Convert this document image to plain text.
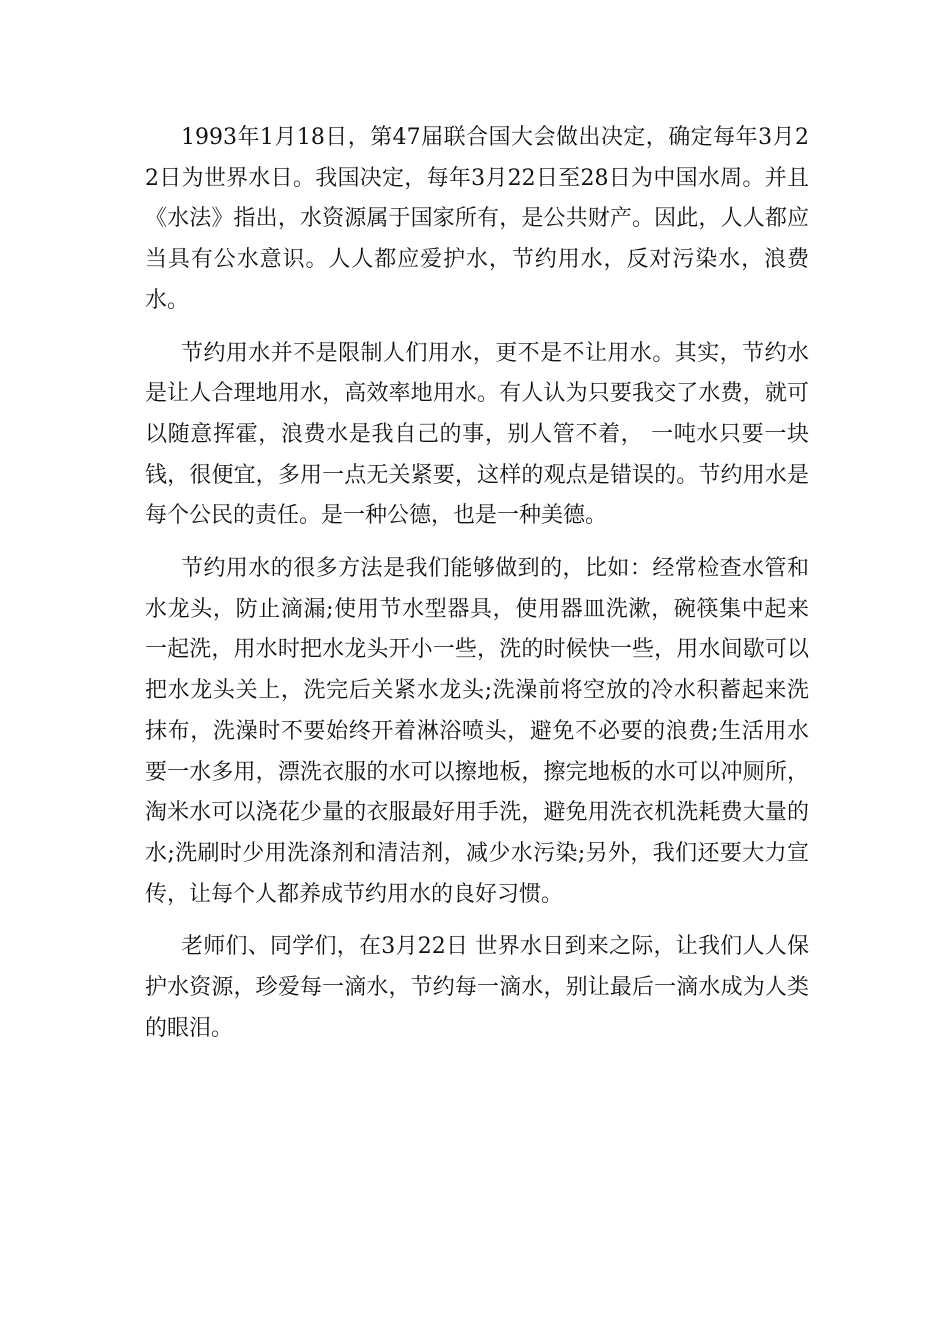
1993年1月18日，第47届联合国大会做出决定，确定每年3月22日为世界水日。我国决定，每年3月22日至28日为中国水周。并且《水法》指出，水资源属于国家所有，是公共财产。因此，人人都应当具有公水意识。人人都应爱护水，节约用水，反对污染水，浪费水。

节约用水并不是限制人们用水，更不是不让用水。其实，节约水是让人合理地用水，高效率地用水。有人认为只要我交了水费，就可以随意挥霍，浪费水是我自己的事，别人管不着， 一吨水只要一块钱，很便宜，多用一点无关紧要，这样的观点是错误的。节约用水是每个公民的责任。是一种公德，也是一种美德。

节约用水的很多方法是我们能够做到的，比如：经常检查水管和水龙头，防止滴漏;使用节水型器具，使用器皿洗漱，碗筷集中起来一起洗，用水时把水龙头开小一些，洗的时候快一些，用水间歇可以把水龙头关上，洗完后关紧水龙头;洗澡前将空放的冷水积蓄起来洗抹布，洗澡时不要始终开着淋浴喷头，避免不必要的浪费;生活用水要一水多用，漂洗衣服的水可以擦地板，擦完地板的水可以冲厕所，淘米水可以浇花少量的衣服最好用手洗，避免用洗衣机洗耗费大量的水;洗刷时少用洗涤剂和清洁剂，减少水污染;另外，我们还要大力宣传，让每个人都养成节约用水的良好习惯。

老师们、同学们，在3月22日 世界水日到来之际，让我们人人保护水资源，珍爱每一滴水，节约每一滴水，别让最后一滴水成为人类的眼泪。
